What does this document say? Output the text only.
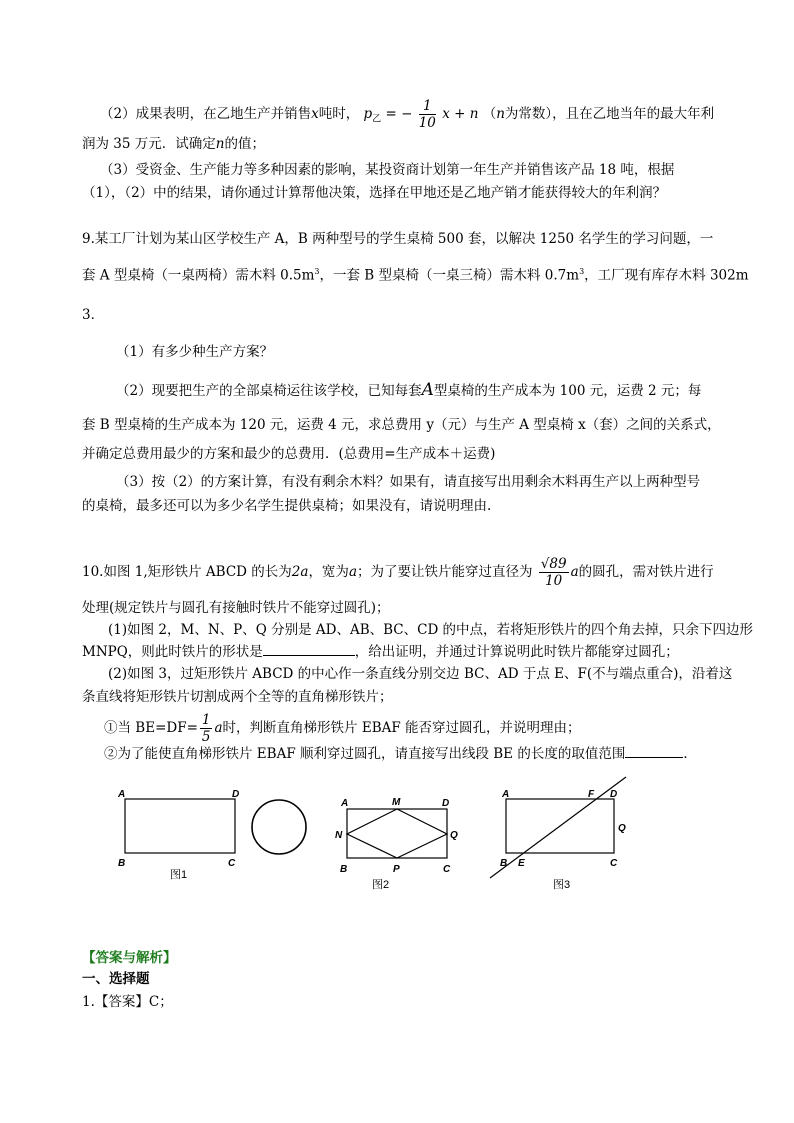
（2）成果表明，在乙地生产并销售x吨时， $p_乙$ = − $\frac{1}{10}$ x + n （n为常数），且在乙地当年的最大年利
润为 35 万元．试确定n的值；
（3）受资金、生产能力等多种因素的影响，某投资商计划第一年生产并销售该产品 18 吨，根据
（1），（2）中的结果，请你通过计算帮他决策，选择在甲地还是乙地产销才能获得较大的年利润？
9.某工厂计划为某山区学校生产 A，B 两种型号的学生桌椅 500 套，以解决 1250 名学生的学习问题，一
套 A 型桌椅（一桌两椅）需木料 $0.5m^3$，一套 B 型桌椅（一桌三椅）需木料 $0.7m^3$，工厂现有库存木料 302m
3．
（1）有多少种生产方案？
（2）现要把生产的全部桌椅运往该学校，已知每套A型桌椅的生产成本为 100 元，运费 2 元；每
套 B 型桌椅的生产成本为 120 元，运费 4 元，求总费用 y（元）与生产 A 型桌椅 x（套）之间的关系式，
并确定总费用最少的方案和最少的总费用．(总费用=生产成本＋运费)
（3）按（2）的方案计算，有没有剩余木料？如果有，请直接写出用剩余木料再生产以上两种型号
的桌椅，最多还可以为多少名学生提供桌椅；如果没有，请说明理由.
10.如图 1,矩形铁片 ABCD 的长为2a，宽为a；为了要让铁片能穿过直径为 $\frac{√89}{10}$ a的圆孔，需对铁片进行
处理(规定铁片与圆孔有接触时铁片不能穿过圆孔)；
(1)如图 2，M、N、P、Q 分别是 AD、AB、BC、CD 的中点，若将矩形铁片的四个角去掉，只余下四边形
MNPQ，则此时铁片的形状是	，给出证明，并通过计算说明此时铁片都能穿过圆孔；
(2)如图 3，过矩形铁片 ABCD 的中心作一条直线分别交边 BC、AD 于点 E、F(不与端点重合)，沿着这
条直线将矩形铁片切割成两个全等的直角梯形铁片；
①当 $BE=DF= \frac{1}{5}$ a时，判断直角梯形铁片 EBAF 能否穿过圆孔，并说明理由；
②为了能使直角梯形铁片 EBAF 顺利穿过圆孔，请直接写出线段 BE 的长度的取值范围	．
A	D
B	C
图1
A	M	D
N	Q
B	P	C
图2
A	F D
Q
B E	C
图3
【答案与解析】
一、选择题
1.【答案】C；
